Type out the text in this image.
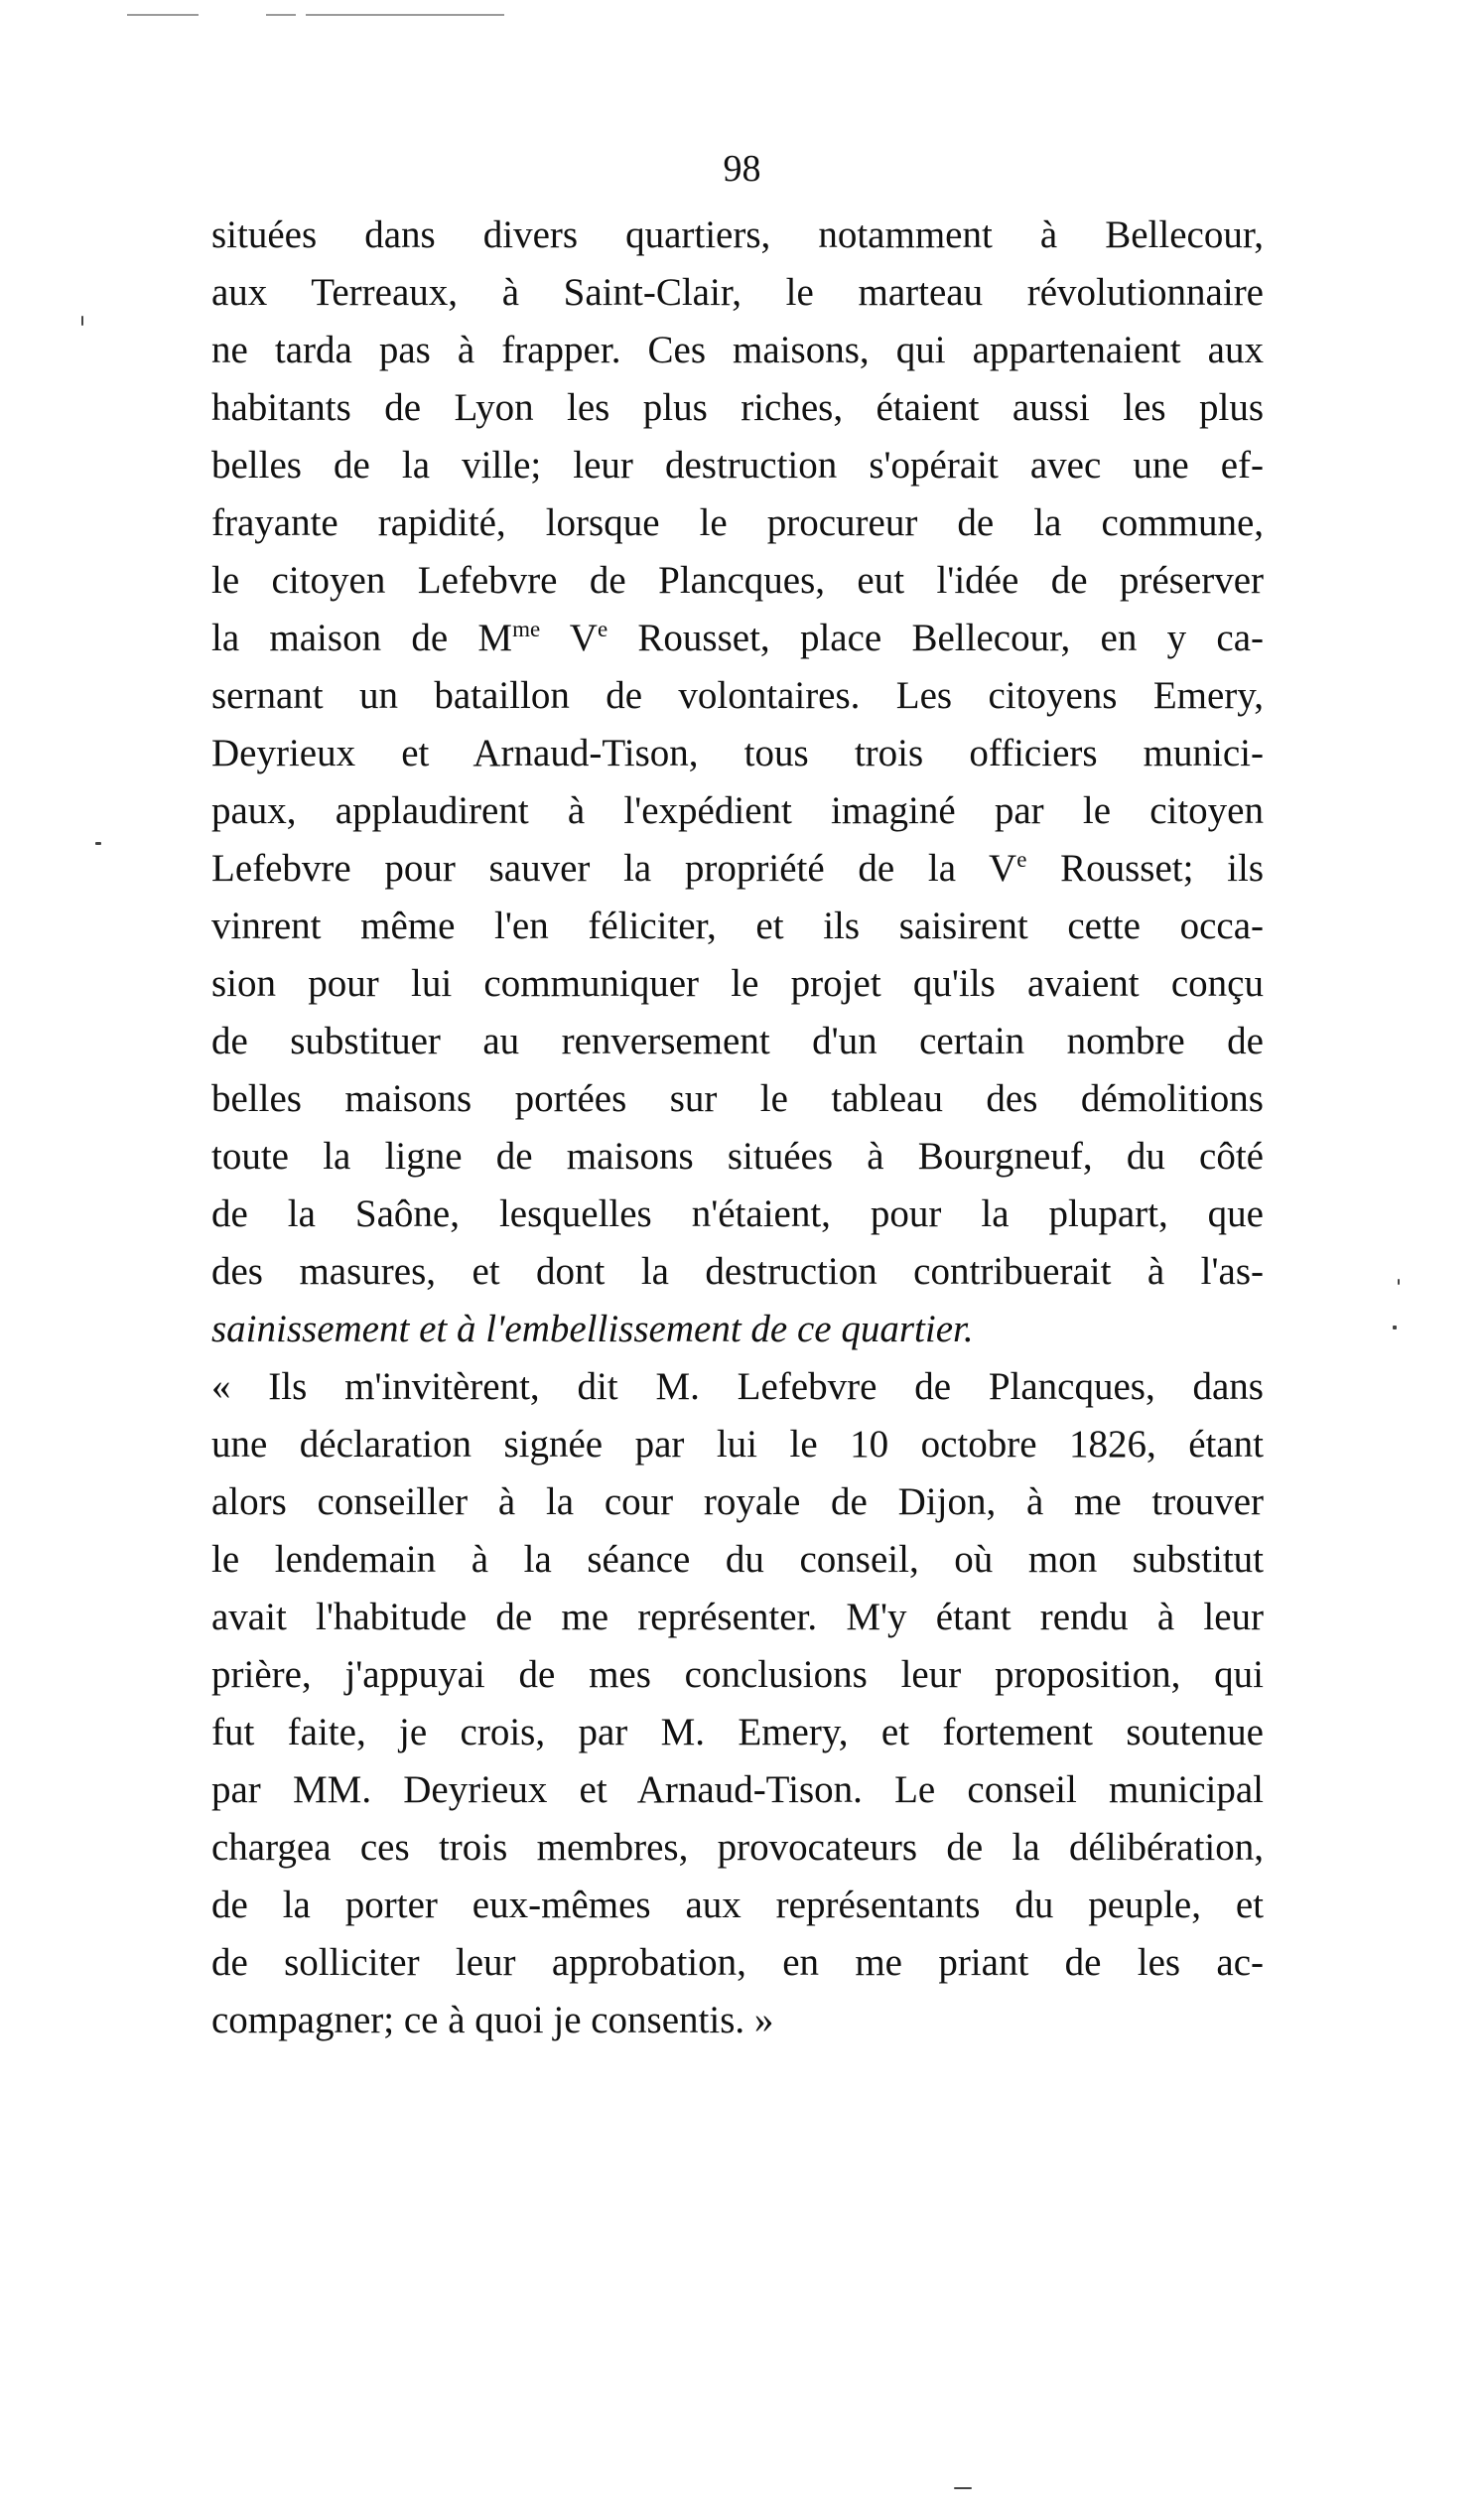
98
situées dans divers quartiers, notamment à Bellecour,
aux Terreaux, à Saint-Clair, le marteau révolutionnaire
ne tarda pas à frapper. Ces maisons, qui appartenaient aux
habitants de Lyon les plus riches, étaient aussi les plus
belles de la ville; leur destruction s'opérait avec une ef-
frayante rapidité, lorsque le procureur de la commune,
le citoyen Lefebvre de Plancques, eut l'idée de préserver
la maison de $M^{me}$ Ve Rousset, place Bellecour, en y ca-
sernant un bataillon de volontaires. Les citoyens Emery,
Deyrieux et Arnaud-Tison, tous trois officiers munici-
paux, applaudirent à l'expédient imaginé par le citoyen
Lefebvre pour sauver la propriété de la Ve Rousset; ils
vinrent même l'en féliciter, et ils saisirent cette occa-
sion pour lui communiquer le projet qu'ils avaient conçu
de substituer au renversement d'un certain nombre de
belles maisons portées sur le tableau des démolitions
toute la ligne de maisons situées à Bourgneuf, du côté
de la Saône, lesquelles n'étaient, pour la plupart, que
des masures, et dont la destruction contribuerait à l'as-
sainissement et à l'embellissement de ce quartier.
« Ils m'invitèrent, dit M. Lefebvre de Plancques, dans
une déclaration signée par lui le 10 octobre 1826, étant
alors conseiller à la cour royale de Dijon, à me trouver
le lendemain à la séance du conseil, où mon substitut
avait l'habitude de me représenter. M'y étant rendu à leur
prière, j'appuyai de mes conclusions leur proposition, qui
fut faite, je crois, par M. Emery, et fortement soutenue
par MM. Deyrieux et Arnaud-Tison. Le conseil municipal
chargea ces trois membres, provocateurs de la délibération,
de la porter eux-mêmes aux représentants du peuple, et
de solliciter leur approbation, en me priant de les ac-
compagner; ce à quoi je consentis. »
